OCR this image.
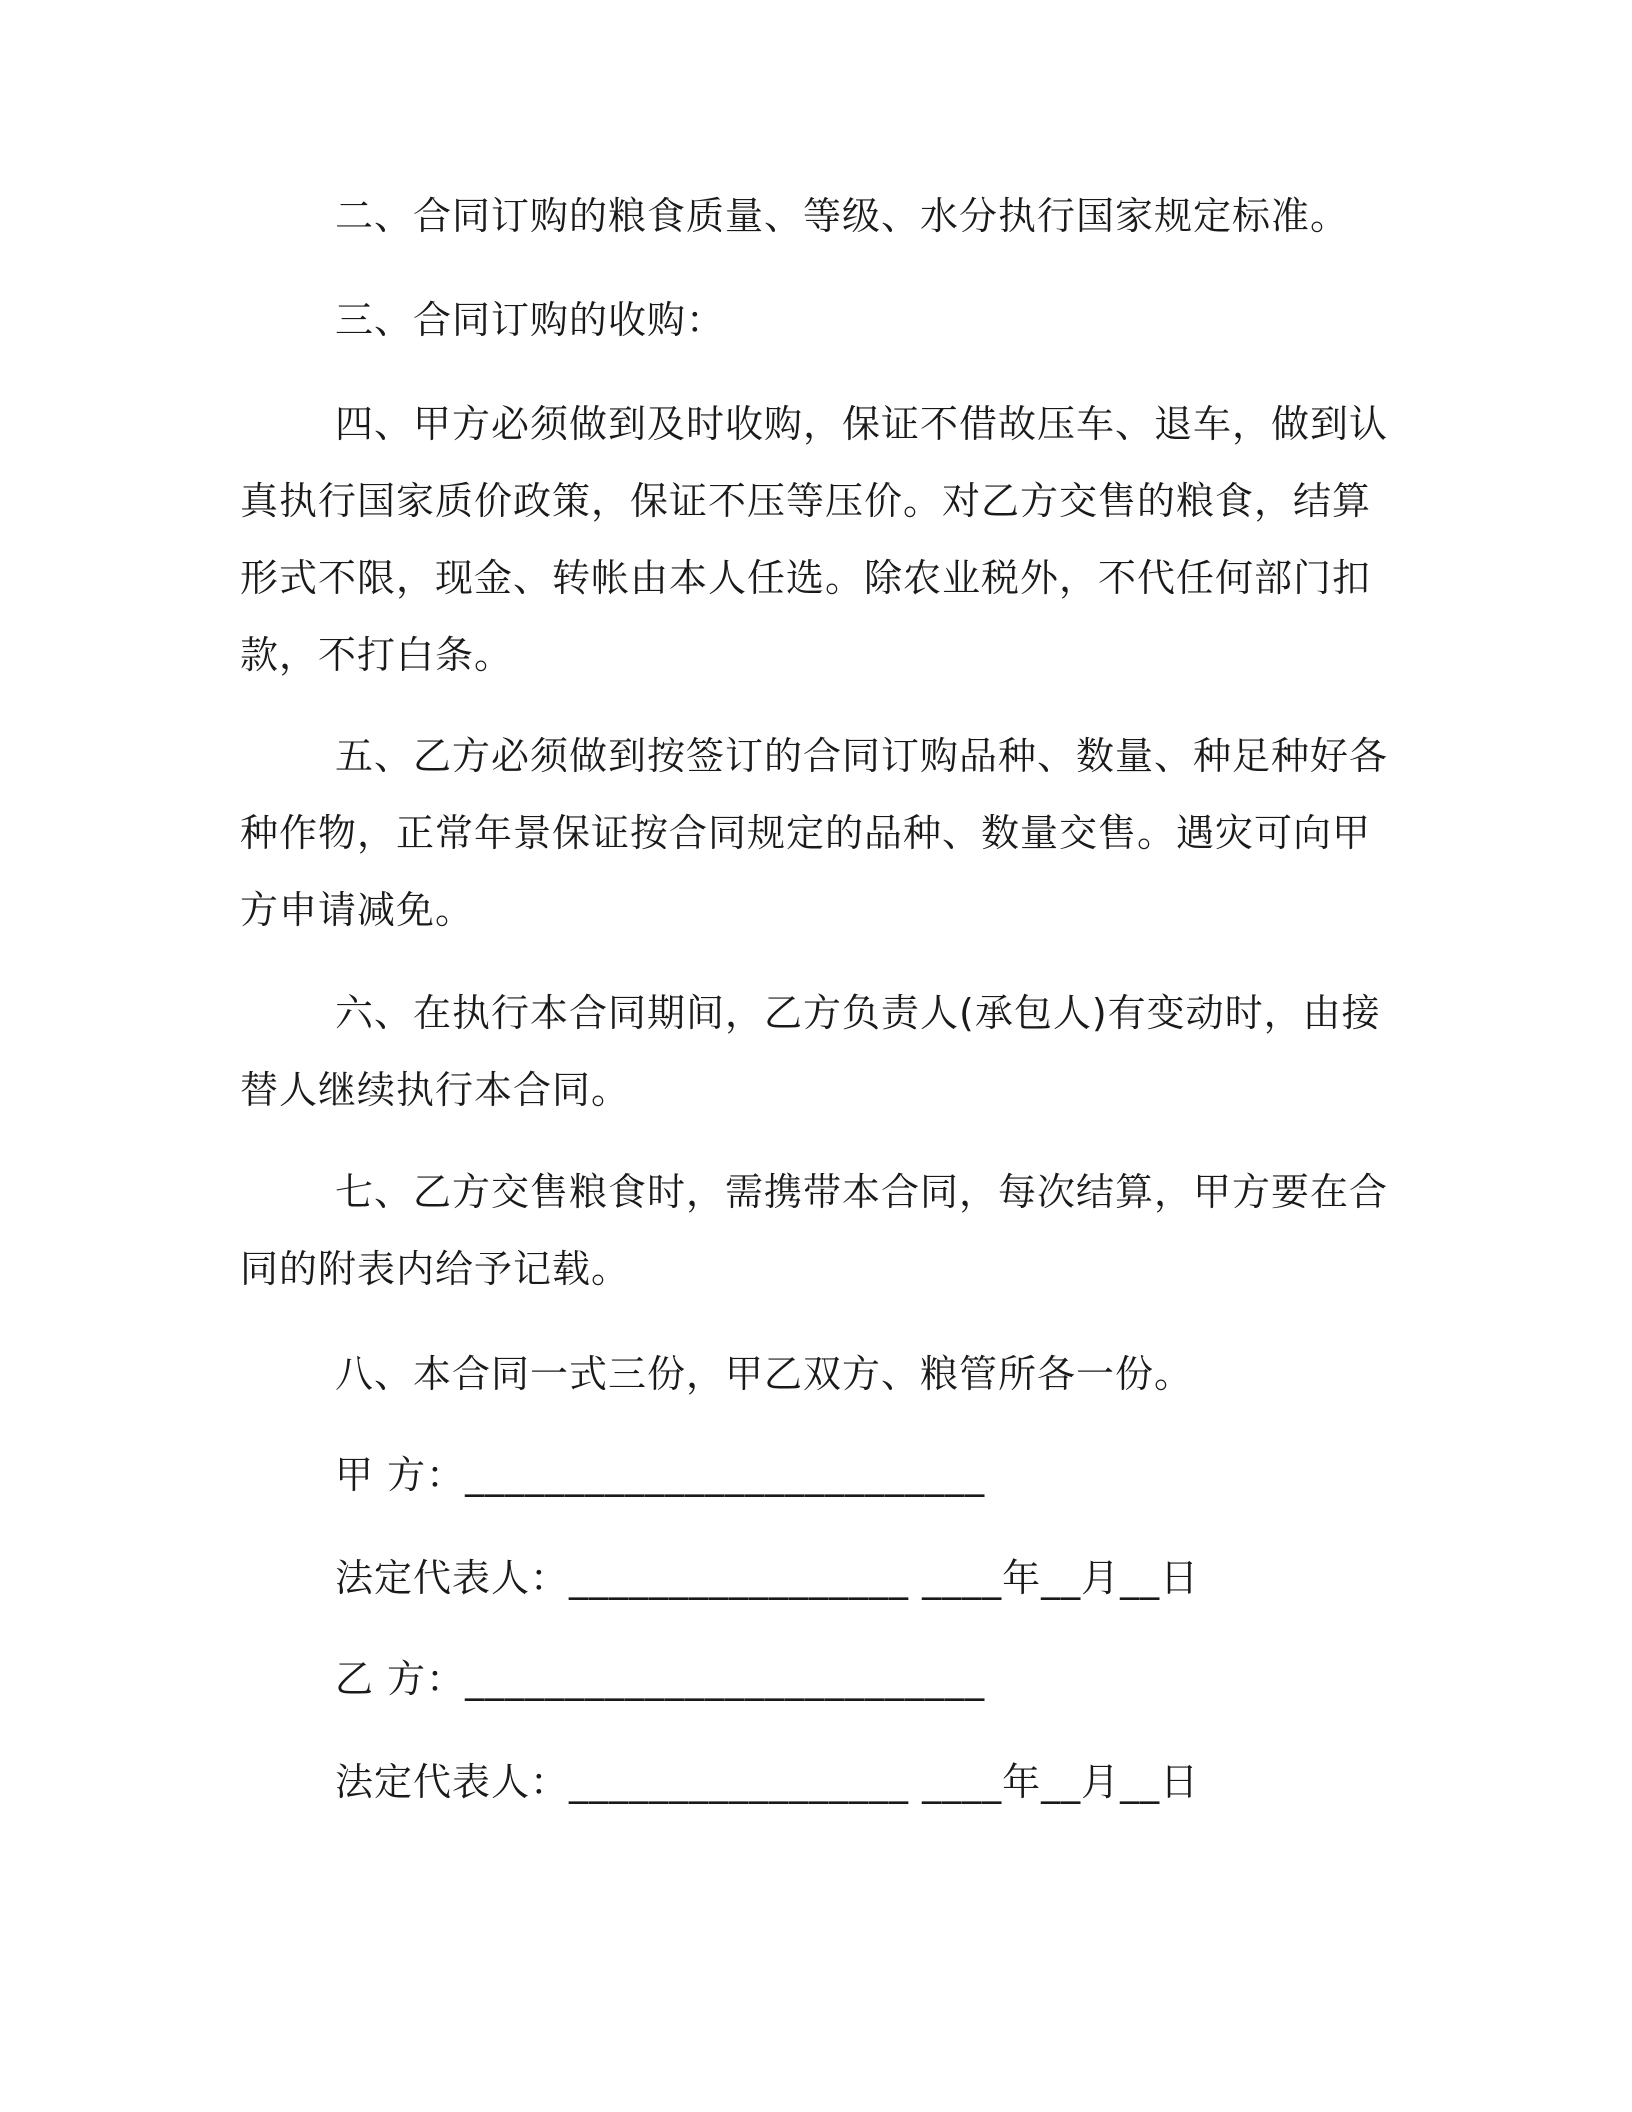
二、合同订购的粮食质量、等级、水分执行国家规定标准。

三、合同订购的收购：

四、甲方必须做到及时收购，保证不借故压车、退车，做到认真执行国家质价政策，保证不压等压价。对乙方交售的粮食，结算形式不限，现金、转帐由本人任选。除农业税外，不代任何部门扣款，不打白条。

五、乙方必须做到按签订的合同订购品种、数量、种足种好各种作物，正常年景保证按合同规定的品种、数量交售。遇灾可向甲方申请减免。

六、在执行本合同期间，乙方负责人(承包人)有变动时，由接替人继续执行本合同。

七、乙方交售粮食时，需携带本合同，每次结算，甲方要在合同的附表内给予记载。

八、本合同一式三份，甲乙双方、粮管所各一份。

甲 方：__________________________

法定代表人：_________________ ____年__月__日

乙 方：__________________________

法定代表人：_________________ ____年__月__日
